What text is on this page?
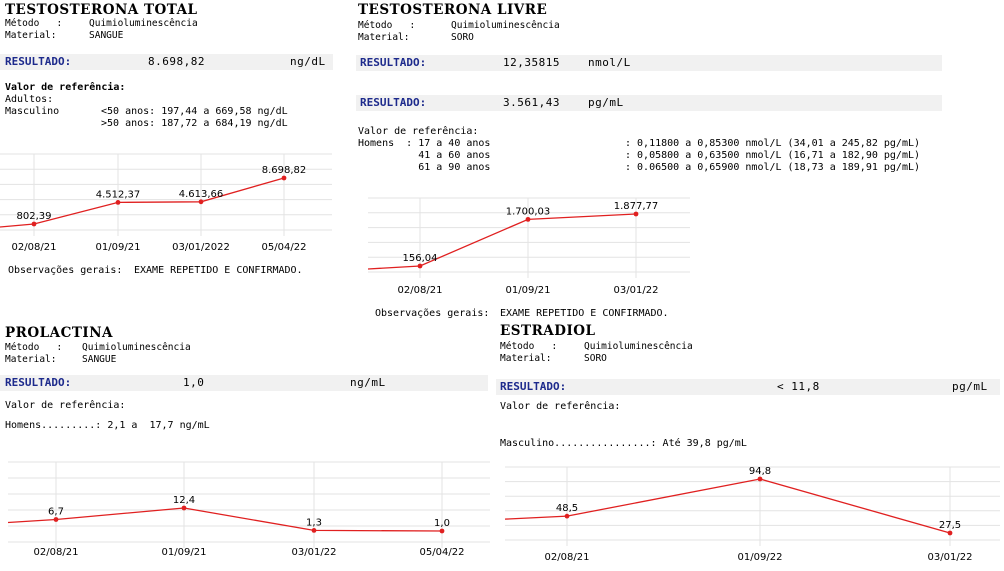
TESTOSTERONA TOTAL
Método   :	Quimioluminescência
Material:	SANGUE
RESULTADO:	8.698,82	ng/dL
Valor de referência:
Adultos:
Masculino	<50 anos: 197,44 a 669,58 ng/dL
>50 anos: 187,72 a 684,19 ng/dL
802,39
4.512,37	4.613,66
8.698,82
02/08/21	01/09/21	03/01/2022	05/04/22
Observações gerais: EXAME REPETIDO E CONFIRMADO.
TESTOSTERONA LIVRE
Método   :	Quimioluminescência
Material:	SORO
RESULTADO:	12,35815	nmol/L
RESULTADO:	3.561,43	pg/mL
Valor de referência:
Homens  : 17 a 40 anos	: 0,11800 a 0,85300 nmol/L (34,01 a 245,82 pg/mL)
41 a 60 anos	: 0,05800 a 0,63500 nmol/L (16,71 a 182,90 pg/mL)
61 a 90 anos	: 0.06500 a 0,65900 nmol/L (18,73 a 189,91 pg/mL)
156,04
1.700,03	1.877,77
02/08/21	01/09/21	03/01/22
Observações gerais: EXAME REPETIDO E CONFIRMADO.
PROLACTINA
Método   : Quimioluminescência
Material:	SANGUE
RESULTADO:	1,0	ng/mL
Valor de referência:
Homens.........: 2,1 a  17,7 ng/mL
6,7
12,4
1,3	1,0
02/08/21	01/09/21	03/01/22	05/04/22
ESTRADIOL
Método   :	Quimioluminescência
Material:	SORO
RESULTADO:	< 11,8	pg/mL
Valor de referência:
Masculino................: Até 39,8 pg/mL
48,5
94,8
27,5
02/08/21	01/09/22	03/01/22
